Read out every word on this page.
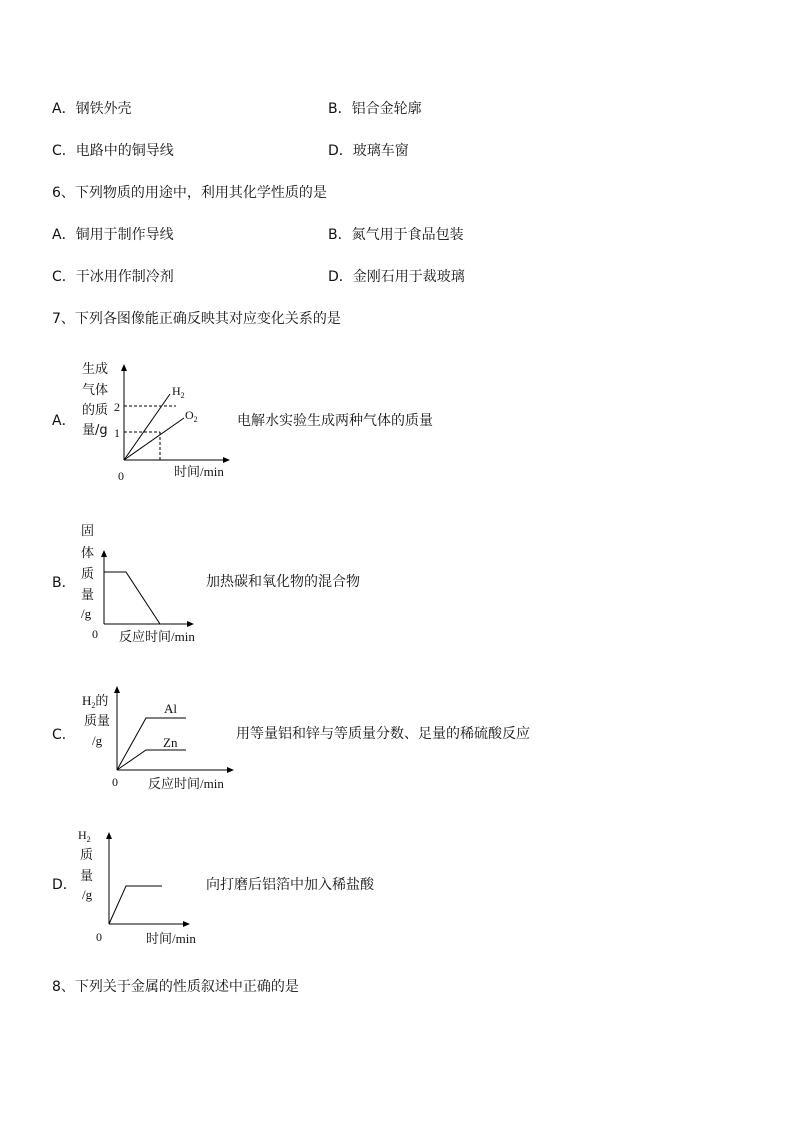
A．钢铁外壳	B．铝合金轮廓
C．电路中的铜导线	D．玻璃车窗
6、下列物质的用途中，利用其化学性质的是
A．铜用于制作导线	B．氮气用于食品包装
C．干冰用作制冷剂	D．金刚石用于裁玻璃
7、下列各图像能正确反映其对应变化关系的是
A．
生成
气体
的质
量/g
2
1
0
$H_2$
$O_2$
时间/min
电解水实验生成两种气体的质量
B．
固
体
质
量
/g
0 反应时间/min
加热碳和氧化物的混合物
C．
$H_2$的
质量
/g
Al
Zn
0 反应时间/min
用等量铝和锌与等质量分数、足量的稀硫酸反应
D．
$H_2$
质
量
/g
0	时间/min
向打磨后铝箔中加入稀盐酸
8、下列关于金属的性质叙述中正确的是
